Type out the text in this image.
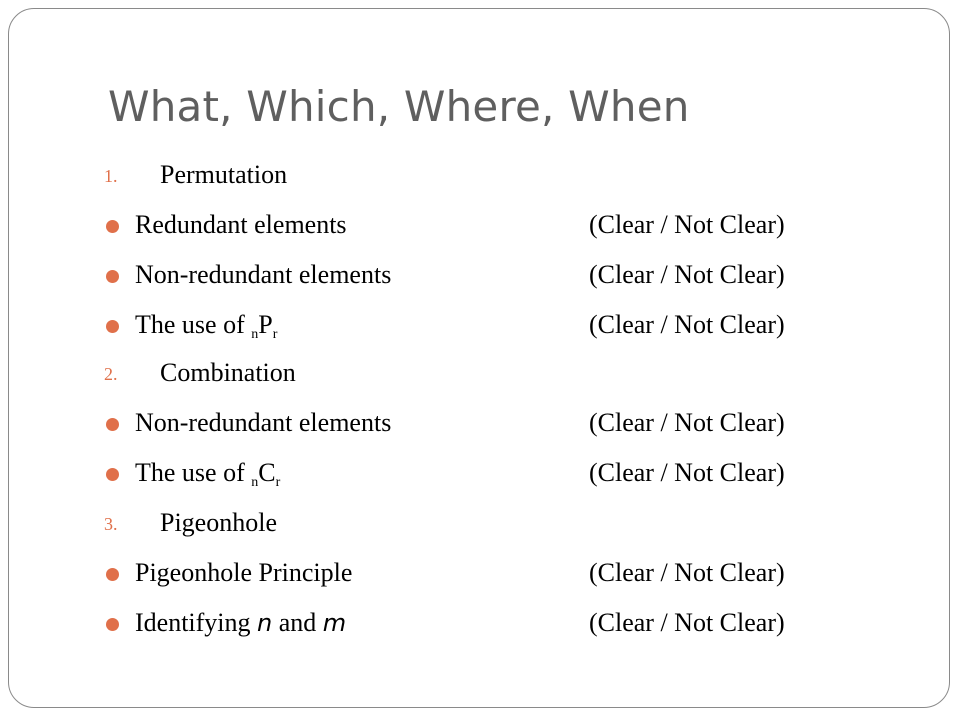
What, Which, Where, When
1. Permutation
Redundant elements	(Clear / Not Clear)
Non-redundant elements	(Clear / Not Clear)
The use of $_nP_r$	(Clear / Not Clear)
2. Combination
Non-redundant elements	(Clear / Not Clear)
The use of $_nC_r$	(Clear / Not Clear)
3. Pigeonhole
Pigeonhole Principle	(Clear / Not Clear)
Identifying n and m	(Clear / Not Clear)
